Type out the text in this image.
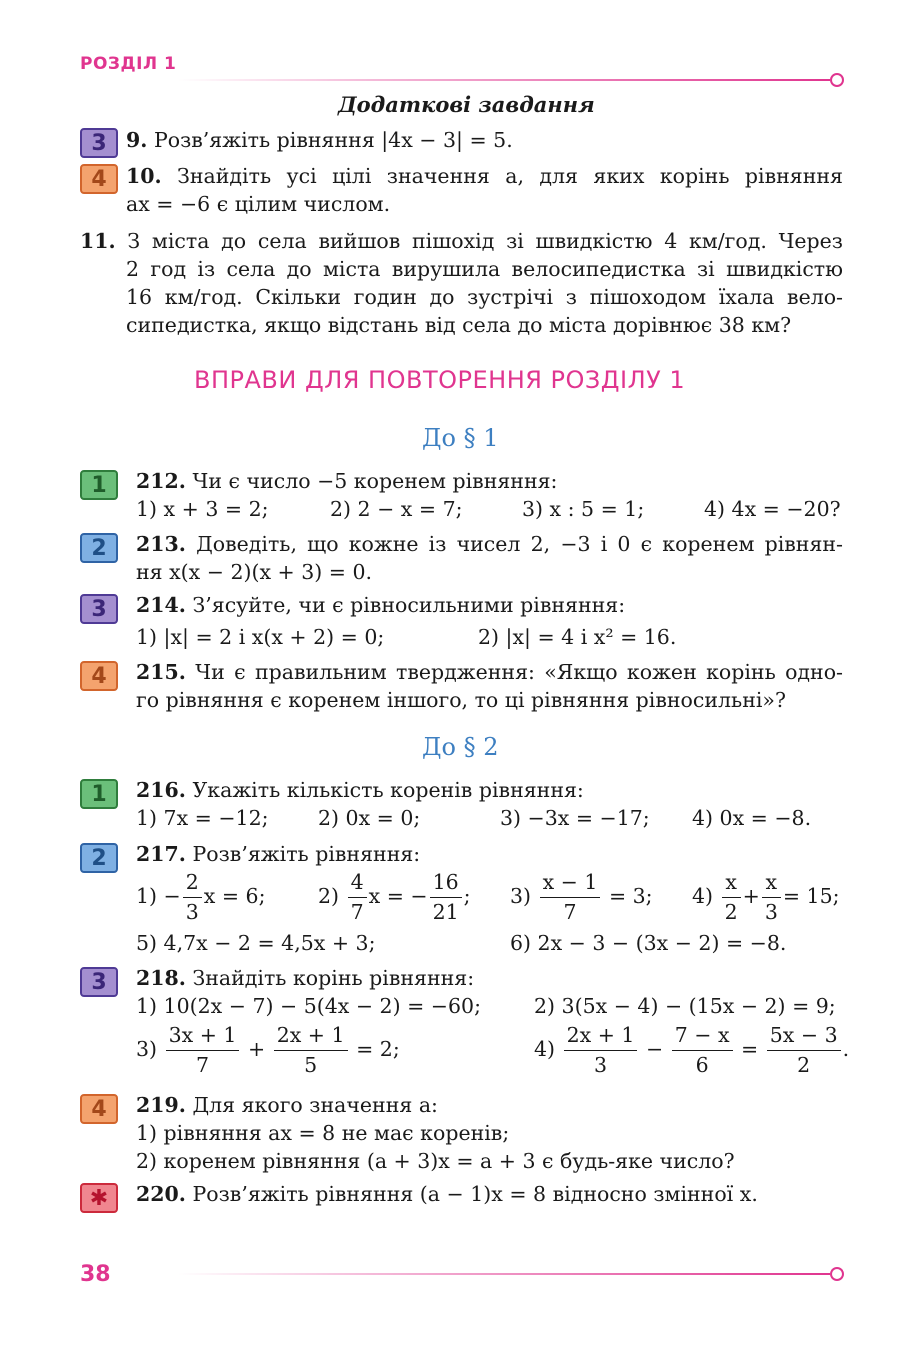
РОЗДІЛ 1
Додаткові завдання
3 9. Розв’яжіть рівняння |4x − 3| = 5.
4 10. Знайдіть усі цілі значення a, для яких корінь рівняння
ax = −6 є цілим числом.
11. З міста до села вийшов пішохід зі швидкістю 4 км/год. Через
2 год із села до міста вирушила велосипедистка зі швидкістю
16 км/год. Скільки годин до зустрічі з пішоходом їхала вело-
сипедистка, якщо відстань від села до міста дорівнює 38 км?
ВПРАВИ ДЛЯ ПОВТОРЕННЯ РОЗДІЛУ 1
До § 1
1	212. Чи є число −5 коренем рівняння:
1) x + 3 = 2;	2) 2 − x = 7;	3) x : 5 = 1;	4) 4x = −20?
2	213. Доведіть, що кожне із чисел 2, −3 і 0 є коренем рівнян-
ня x(x − 2)(x + 3) = 0.
3	214. З’ясуйте, чи є рівносильними рівняння:
1) |x| = 2 і x(x + 2) = 0;	2) |x| = 4 і x² = 16.
4	215. Чи є правильним твердження: «Якщо кожен корінь одно-
го рівняння є коренем іншого, то ці рівняння рівносильні»?
До § 2
1	216. Укажіть кількість коренів рівняння:
1) 7x = −12; 2) 0x = 0;	3) −3x = −17; 4) 0x = −8.
2	217. Розв’яжіть рівняння:
$1) - \frac{2}{3}$ x = 6;	$2) \frac{4}{7}$ x = − $\frac{16}{21}$ ; $3) \frac{x - 1}{7} = 3$; $4) \frac{x}{2} + \frac{x}{3} = 15$;
5) 4,7x − 2 = 4,5x + 3;	6) 2x − 3 − (3x − 2) = −8.
3	218. Знайдіть корінь рівняння:
1) 10(2x − 7) − 5(4x − 2) = −60;	2) 3(5x − 4) − (15x − 2) = 9;
$3) \frac{3x + 1}{7} + \frac{2x + 1}{5} = 2$;	$4) \frac{2x + 1}{3} - \frac{7 - x}{6} = \frac{5x - 3}{2}$ .
4	219. Для якого значення a:
1) рівняння ax = 8 не має коренів;
2) коренем рівняння (a + 3)x = a + 3 є будь-яке число?
✱	220. Розв’яжіть рівняння (a − 1)x = 8 відносно змінної x.
38
